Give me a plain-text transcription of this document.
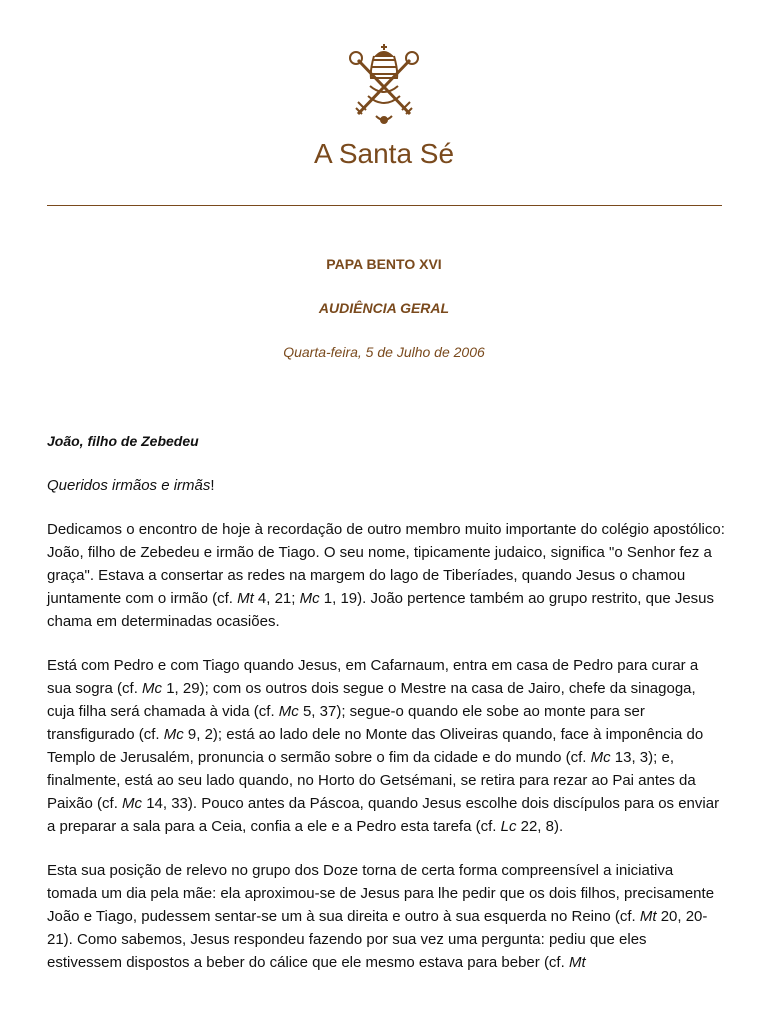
A Santa Sé
PAPA BENTO XVI
AUDIÊNCIA GERAL
Quarta-feira, 5 de Julho de 2006

João, filho de Zebedeu

Queridos irmãos e irmãs!

Dedicamos o encontro de hoje à recordação de outro membro muito importante do colégio apostólico: João, filho de Zebedeu e irmão de Tiago. O seu nome, tipicamente judaico, significa "o Senhor fez a graça". Estava a consertar as redes na margem do lago de Tiberíades, quando Jesus o chamou juntamente com o irmão (cf. Mt 4, 21; Mc 1, 19). João pertence também ao grupo restrito, que Jesus chama em determinadas ocasiões.

Está com Pedro e com Tiago quando Jesus, em Cafarnaum, entra em casa de Pedro para curar a sua sogra (cf. Mc 1, 29); com os outros dois segue o Mestre na casa de Jairo, chefe da sinagoga, cuja filha será chamada à vida (cf. Mc 5, 37); segue-o quando ele sobe ao monte para ser transfigurado (cf. Mc 9, 2); está ao lado dele no Monte das Oliveiras quando, face à imponência do Templo de Jerusalém, pronuncia o sermão sobre o fim da cidade e do mundo (cf. Mc 13, 3); e, finalmente, está ao seu lado quando, no Horto do Getsémani, se retira para rezar ao Pai antes da Paixão (cf. Mc 14, 33). Pouco antes da Páscoa, quando Jesus escolhe dois discípulos para os enviar a preparar a sala para a Ceia, confia a ele e a Pedro esta tarefa (cf. Lc 22, 8).

Esta sua posição de relevo no grupo dos Doze torna de certa forma compreensível a iniciativa tomada um dia pela mãe: ela aproximou-se de Jesus para lhe pedir que os dois filhos, precisamente João e Tiago, pudessem sentar-se um à sua direita e outro à sua esquerda no Reino (cf. Mt 20, 20-21). Como sabemos, Jesus respondeu fazendo por sua vez uma pergunta: pediu que eles estivessem dispostos a beber do cálice que ele mesmo estava para beber (cf. Mt
